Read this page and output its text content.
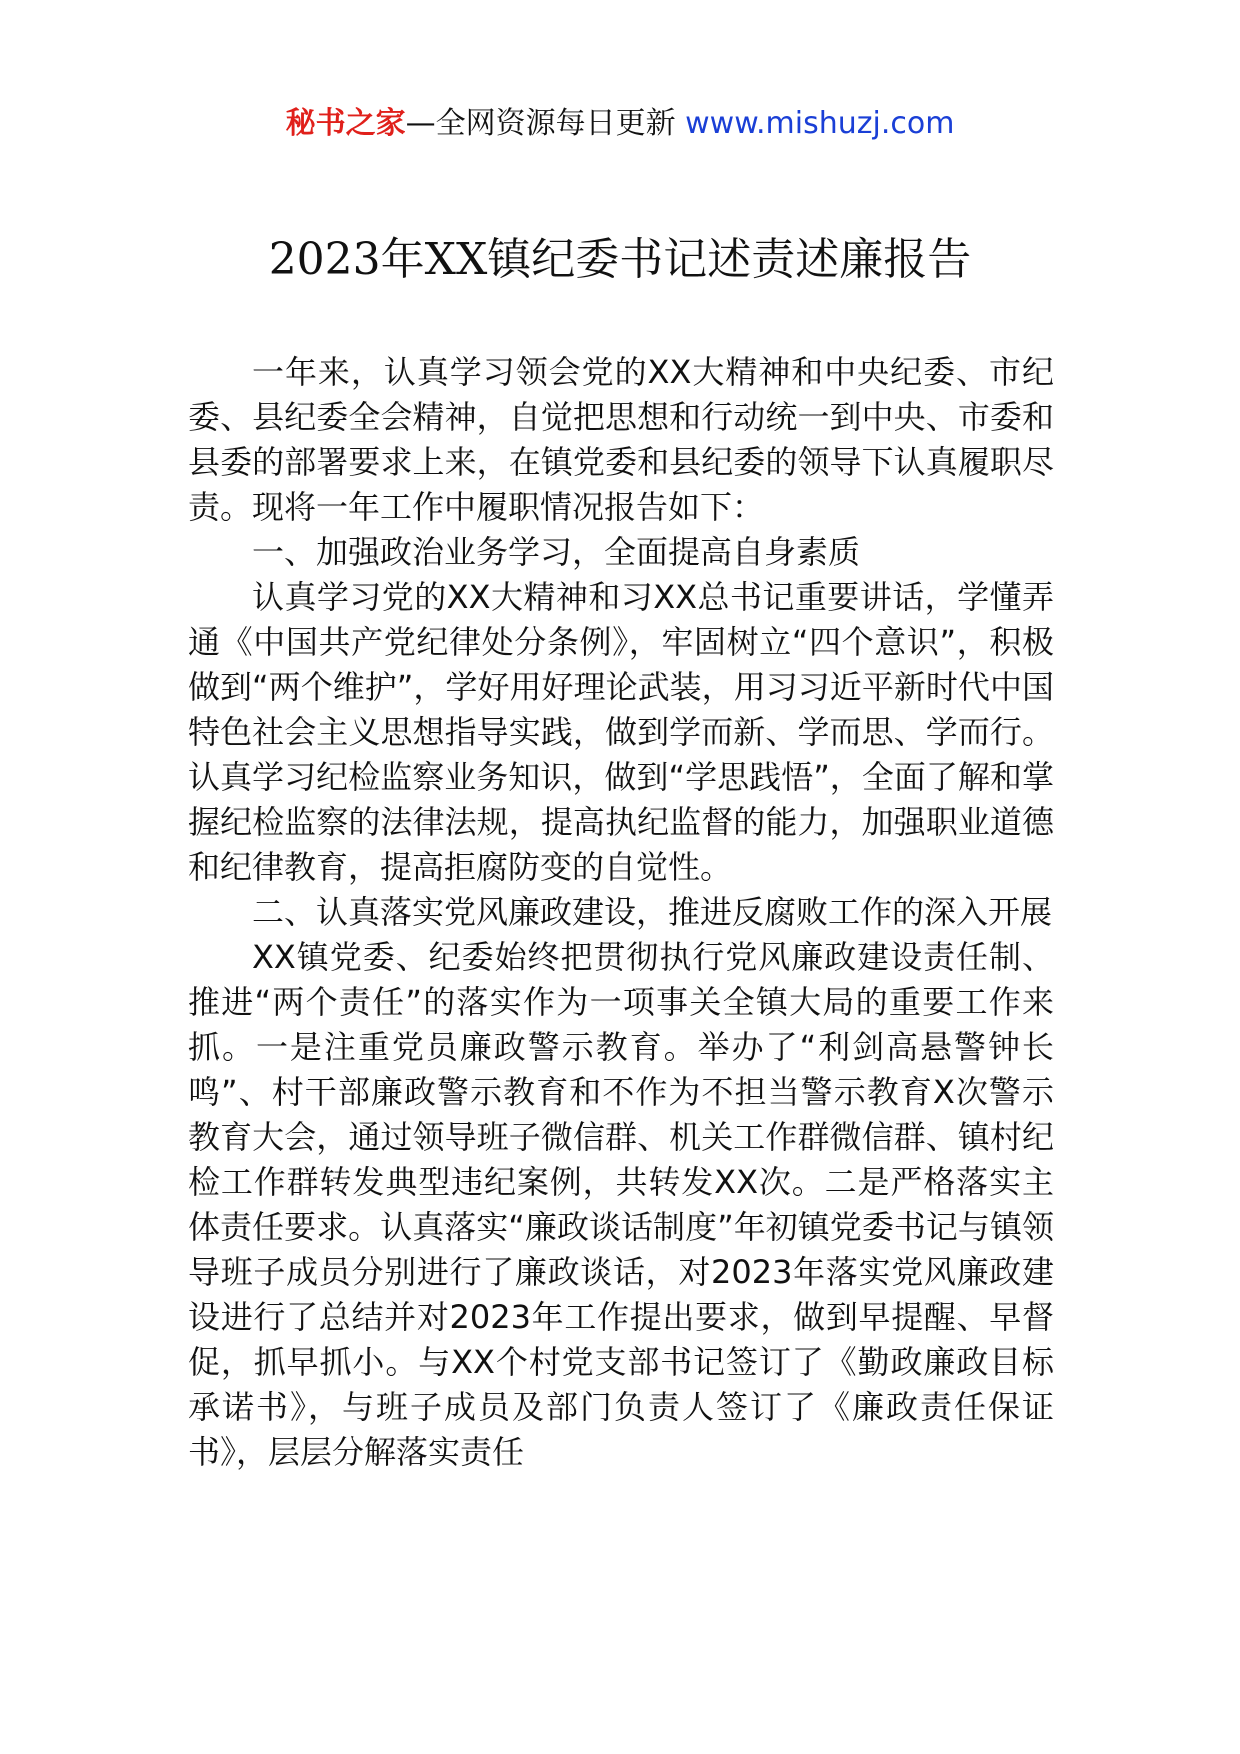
秘书之家—全网资源每日更新 www.mishuzj.com
2023年XX镇纪委书记述责述廉报告

一年来，认真学习领会党的XX大精神和中央纪委、市纪委、县纪委全会精神，自觉把思想和行动统一到中央、市委和县委的部署要求上来，在镇党委和县纪委的领导下认真履职尽责。现将一年工作中履职情况报告如下：

一、加强政治业务学习，全面提高自身素质

认真学习党的XX大精神和习XX总书记重要讲话，学懂弄通《中国共产党纪律处分条例》，牢固树立“四个意识”，积极做到“两个维护”，学好用好理论武装，用习习近平新时代中国特色社会主义思想指导实践，做到学而新、学而思、学而行。认真学习纪检监察业务知识，做到“学思践悟”，全面了解和掌握纪检监察的法律法规，提高执纪监督的能力，加强职业道德和纪律教育，提高拒腐防变的自觉性。

二、认真落实党风廉政建设，推进反腐败工作的深入开展

XX镇党委、纪委始终把贯彻执行党风廉政建设责任制、推进“两个责任”的落实作为一项事关全镇大局的重要工作来抓。一是注重党员廉政警示教育。举办了“利剑高悬警钟长鸣”、村干部廉政警示教育和不作为不担当警示教育X次警示教育大会，通过领导班子微信群、机关工作群微信群、镇村纪检工作群转发典型违纪案例，共转发XX次。二是严格落实主体责任要求。认真落实“廉政谈话制度”年初镇党委书记与镇领导班子成员分别进行了廉政谈话，对2023年落实党风廉政建设进行了总结并对2023年工作提出要求，做到早提醒、早督促，抓早抓小。与XX个村党支部书记签订了《勤政廉政目标承诺书》，与班子成员及部门负责人签订了《廉政责任保证书》，层层分解落实责任
